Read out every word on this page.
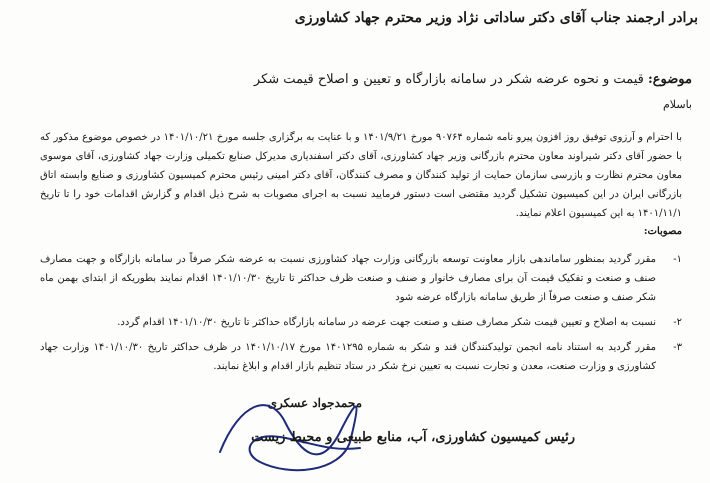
برادر ارجمند جناب آقای دکتر ساداتی نژاد وزیر محترم جهاد کشاورزی
موضوع: قیمت و نحوه عرضه شکر در سامانه بازارگاه و تعیین و اصلاح قیمت شکر
باسلام
با احترام و آرزوی توفیق روز افزون پیرو نامه شماره ۹۰۷۶۴ مورخ ۱۴۰۱/۹/۲۱ و با عنایت به برگزاری جلسه مورخ ۱۴۰۱/۱۰/۲۱ در خصوص موضوع مذکور که با حضور آقای دکتر شیراوند معاون محترم بازرگانی وزیر جهاد کشاورزی، آقای دکتر اسفندیاری مدیرکل صنایع تکمیلی وزارت جهاد کشاورزی، آقای موسوی معاون محترم نظارت و بازرسی سازمان حمایت از تولید کنندگان و مصرف کنندگان، آقای دکتر امینی رئیس محترم کمیسیون کشاورزی و صنایع وابسته اتاق بازرگانی ایران در این کمیسیون تشکیل گردید مقتضی است دستور فرمایید نسبت به اجرای مصوبات به شرح ذیل اقدام و گزارش اقدامات خود را تا تاریخ ۱۴۰۱/۱۱/۱ به این کمیسیون اعلام نمایند.
مصوبات:
۱-
مقرر گردید بمنظور ساماندهی بازار معاونت توسعه بازرگانی وزارت جهاد کشاورزی نسبت به عرضه شکر صرفاً در سامانه بازارگاه و جهت مصارف صنف و صنعت و تفکیک قیمت آن برای مصارف خانوار و صنف و صنعت ظرف حداکثر تا تاریخ ۱۴۰۱/۱۰/۳۰ اقدام نمایند بطوریکه از ابتدای بهمن ماه شکر صنف و صنعت صرفاً از طریق سامانه بازارگاه عرضه شود
۲-
نسبت به اصلاح و تعیین قیمت شکر مصارف صنف و صنعت جهت عرضه در سامانه بازارگاه حداکثر تا تاریخ ۱۴۰۱/۱۰/۳۰ اقدام گردد.
۳-
مقرر گردید به استناد نامه انجمن تولیدکنندگان قند و شکر به شماره ۱۴۰۱۲۹۵ مورخ ۱۴۰۱/۱۰/۱۷ در ظرف حداکثر تاریخ ۱۴۰۱/۱۰/۳۰ وزارت جهاد کشاورزی و وزارت صنعت، معدن و تجارت نسبت به تعیین نرخ شکر در ستاد تنظیم بازار اقدام و ابلاغ نمایند.
محمدجواد عسکری
رئیس کمیسیون کشاورزی، آب، منابع طبیعی و محیط زیست
